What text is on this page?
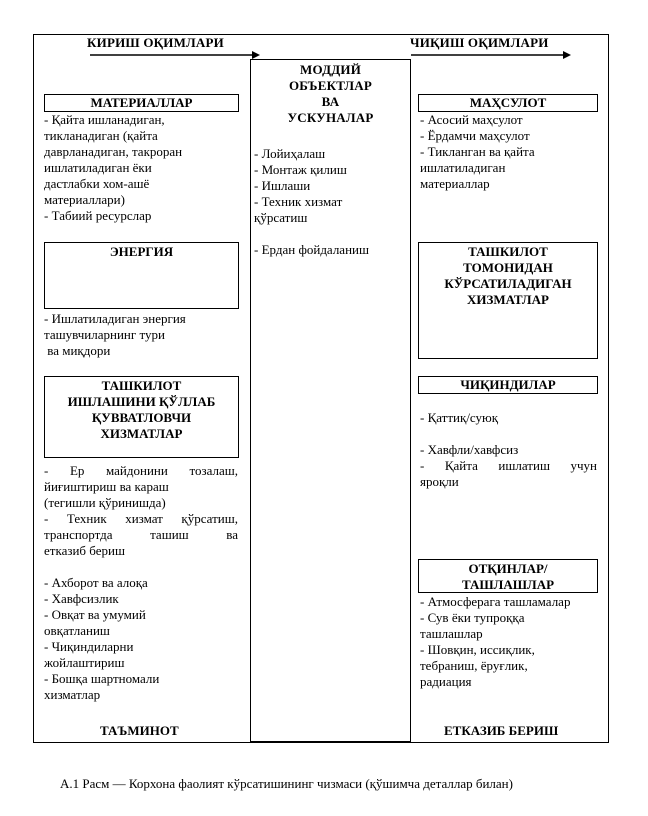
КИРИШ ОҚИМЛАРИ	ЧИҚИШ ОҚИМЛАРИ
МОДДИЙ
ОБЪЕКТЛАР
ВА
УСКУНАЛАР
- Лойиҳалаш
- Монтаж қилиш
- Ишлаши
- Техник хизмат
қўрсатиш
- Ердан фойдаланиш
МАТЕРИАЛЛАР
- Қайта ишланадиган,
тикланадиган (қайта
даврланадиган, такроран
ишлатиладиган ёки
дастлабки хом-ашё
материаллари)
- Табиий ресурслар
ЭНЕРГИЯ
- Ишлатиладиган энергия
ташувчиларнинг тури
ва миқдори
ТАШКИЛОТ
ИШЛАШИНИ ҚЎЛЛАБ
ҚУВВАТЛОВЧИ
ХИЗМАТЛАР
- Ер майдонини тозалаш,
йиғиштириш ва караш
(тегишли қўринишда)
- Техник хизмат қўрсатиш,
транспортда ташиш ва
етказиб бериш
- Ахборот ва алоқа
- Хавфсизлик
- Овқат ва умумий
овқатланиш
- Чиқиндиларни
жойлаштириш
- Бошқа шартномали
хизматлар
ТАЪМИНОТ
МАҲСУЛОТ
- Асосий маҳсулот
- Ёрдамчи маҳсулот
- Тикланган ва қайта
ишлатиладиган
материаллар
ТАШКИЛОТ
ТОМОНИДАН
КЎРСАТИЛАДИГАН
ХИЗМАТЛАР
ЧИҚИНДИЛАР
- Қаттиқ/суюқ
- Хавфли/хавфсиз
- Қайта ишлатиш учун
яроқли
ОТҚИНЛАР/
ТАШЛАШЛАР
- Атмосферага ташламалар
- Сув ёки тупроққа
ташлашлар
- Шовқин, иссиқлик,
тебраниш, ёруғлик,
радиация
ЕТКАЗИБ БЕРИШ
А.1 Расм — Корхона фаолият кўрсатишининг чизмаси (қўшимча деталлар билан)
